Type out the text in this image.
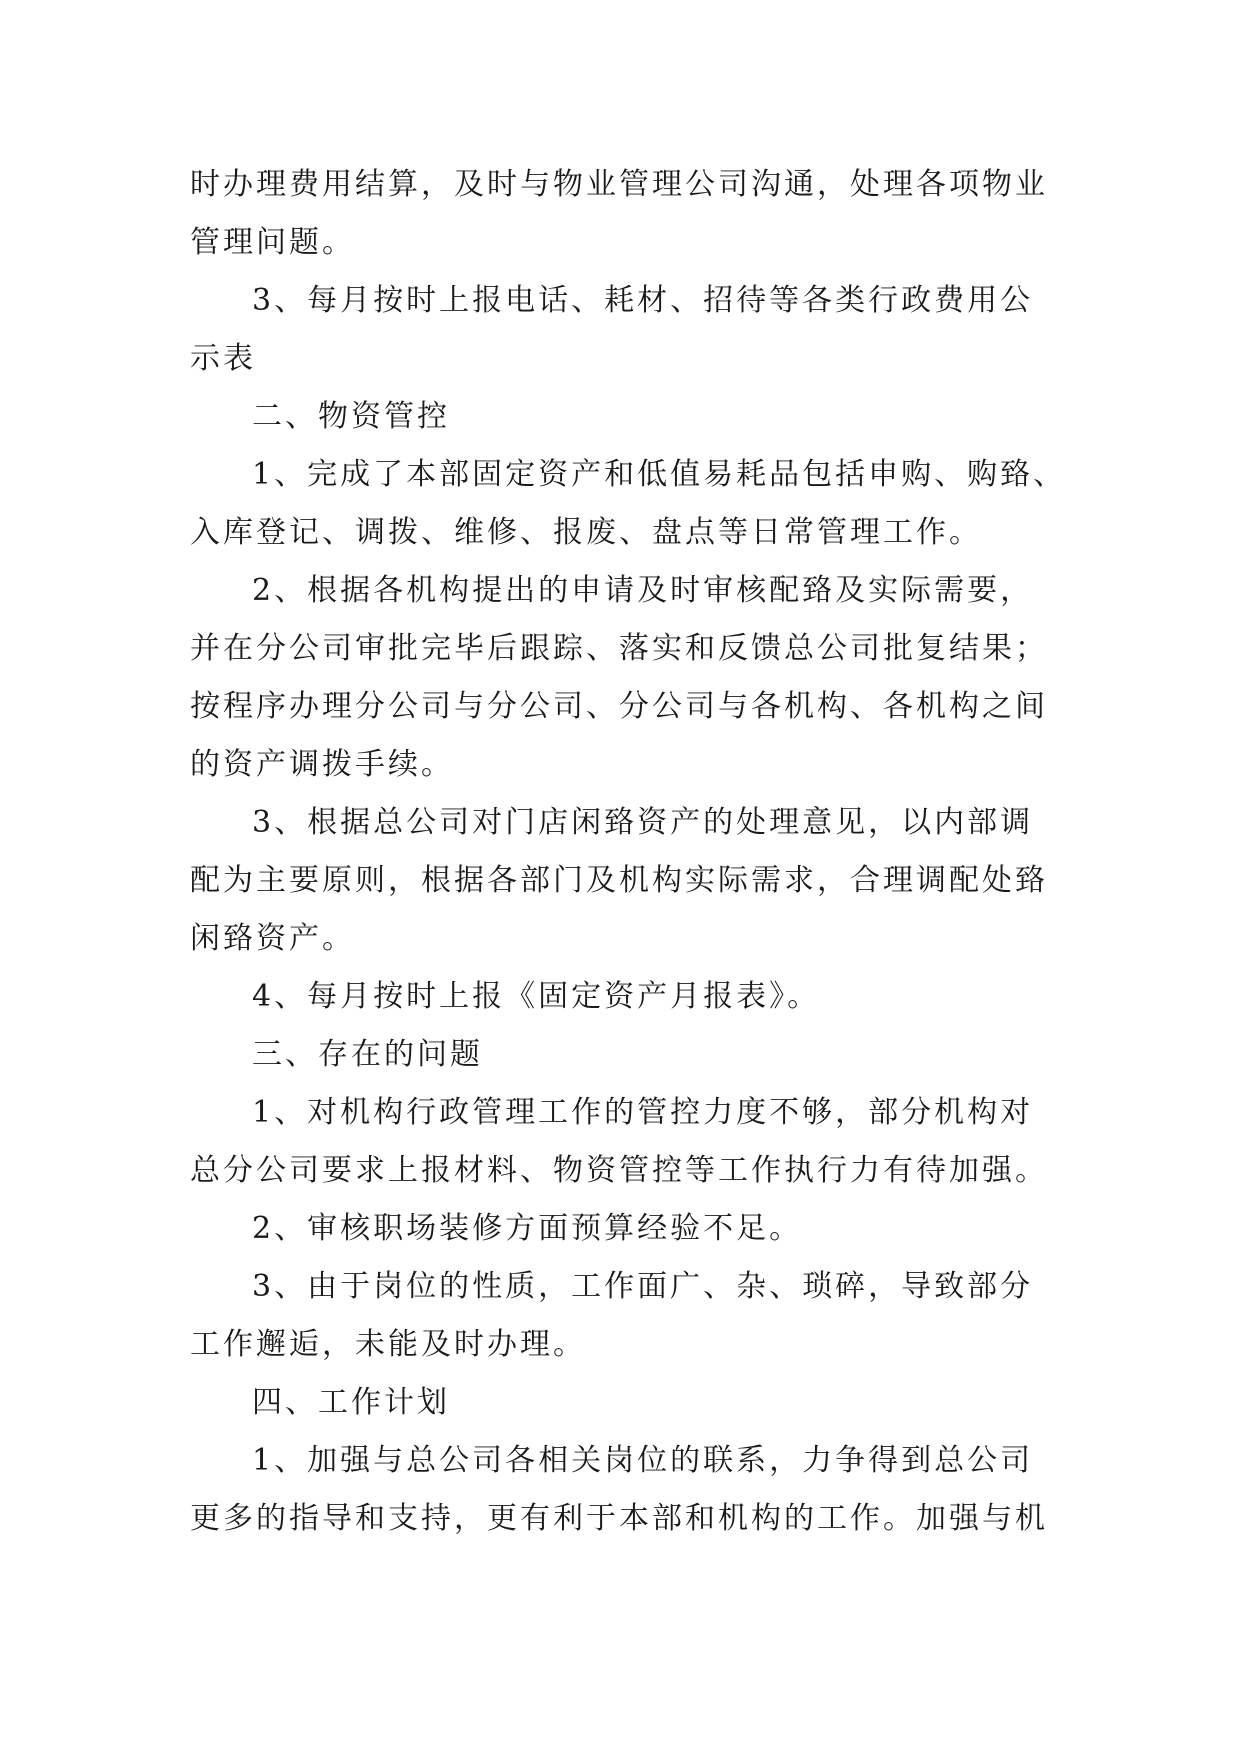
时办理费用结算，及时与物业管理公司沟通，处理各项物业
管理问题。
3、每月按时上报电话、耗材、招待等各类行政费用公
示表
二、物资管控
1、完成了本部固定资产和低值易耗品包括申购、购臵、
入库登记、调拨、维修、报废、盘点等日常管理工作。
2、根据各机构提出的申请及时审核配臵及实际需要，
并在分公司审批完毕后跟踪、落实和反馈总公司批复结果；
按程序办理分公司与分公司、分公司与各机构、各机构之间
的资产调拨手续。
3、根据总公司对门店闲臵资产的处理意见，以内部调
配为主要原则，根据各部门及机构实际需求，合理调配处臵
闲臵资产。
4、每月按时上报《固定资产月报表》。
三、存在的问题
1、对机构行政管理工作的管控力度不够，部分机构对
总分公司要求上报材料、物资管控等工作执行力有待加强。
2、审核职场装修方面预算经验不足。
3、由于岗位的性质，工作面广、杂、琐碎，导致部分
工作邂逅，未能及时办理。
四、工作计划
1、加强与总公司各相关岗位的联系，力争得到总公司
更多的指导和支持，更有利于本部和机构的工作。加强与机
